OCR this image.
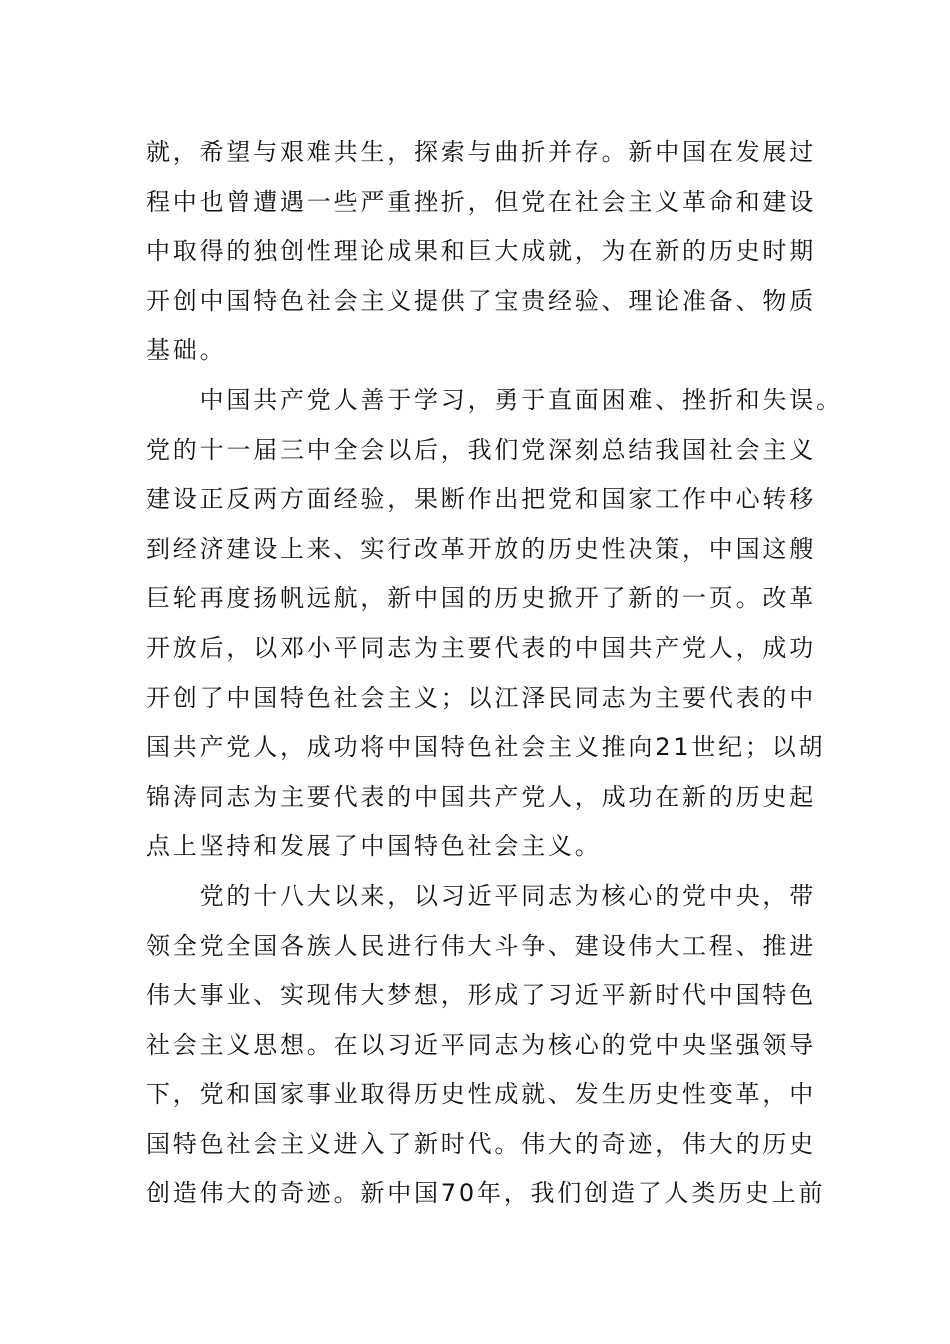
就，希望与艰难共生，探索与曲折并存。新中国在发展过
程中也曾遭遇一些严重挫折，但党在社会主义革命和建设
中取得的独创性理论成果和巨大成就，为在新的历史时期
开创中国特色社会主义提供了宝贵经验、理论准备、物质
基础。
　　中国共产党人善于学习，勇于直面困难、挫折和失误。
党的十一届三中全会以后，我们党深刻总结我国社会主义
建设正反两方面经验，果断作出把党和国家工作中心转移
到经济建设上来、实行改革开放的历史性决策，中国这艘
巨轮再度扬帆远航，新中国的历史掀开了新的一页。改革
开放后，以邓小平同志为主要代表的中国共产党人，成功
开创了中国特色社会主义；以江泽民同志为主要代表的中
国共产党人，成功将中国特色社会主义推向21世纪；以胡
锦涛同志为主要代表的中国共产党人，成功在新的历史起
点上坚持和发展了中国特色社会主义。
　　党的十八大以来，以习近平同志为核心的党中央，带
领全党全国各族人民进行伟大斗争、建设伟大工程、推进
伟大事业、实现伟大梦想，形成了习近平新时代中国特色
社会主义思想。在以习近平同志为核心的党中央坚强领导
下，党和国家事业取得历史性成就、发生历史性变革，中
国特色社会主义进入了新时代。伟大的奇迹，伟大的历史
创造伟大的奇迹。新中国70年，我们创造了人类历史上前
